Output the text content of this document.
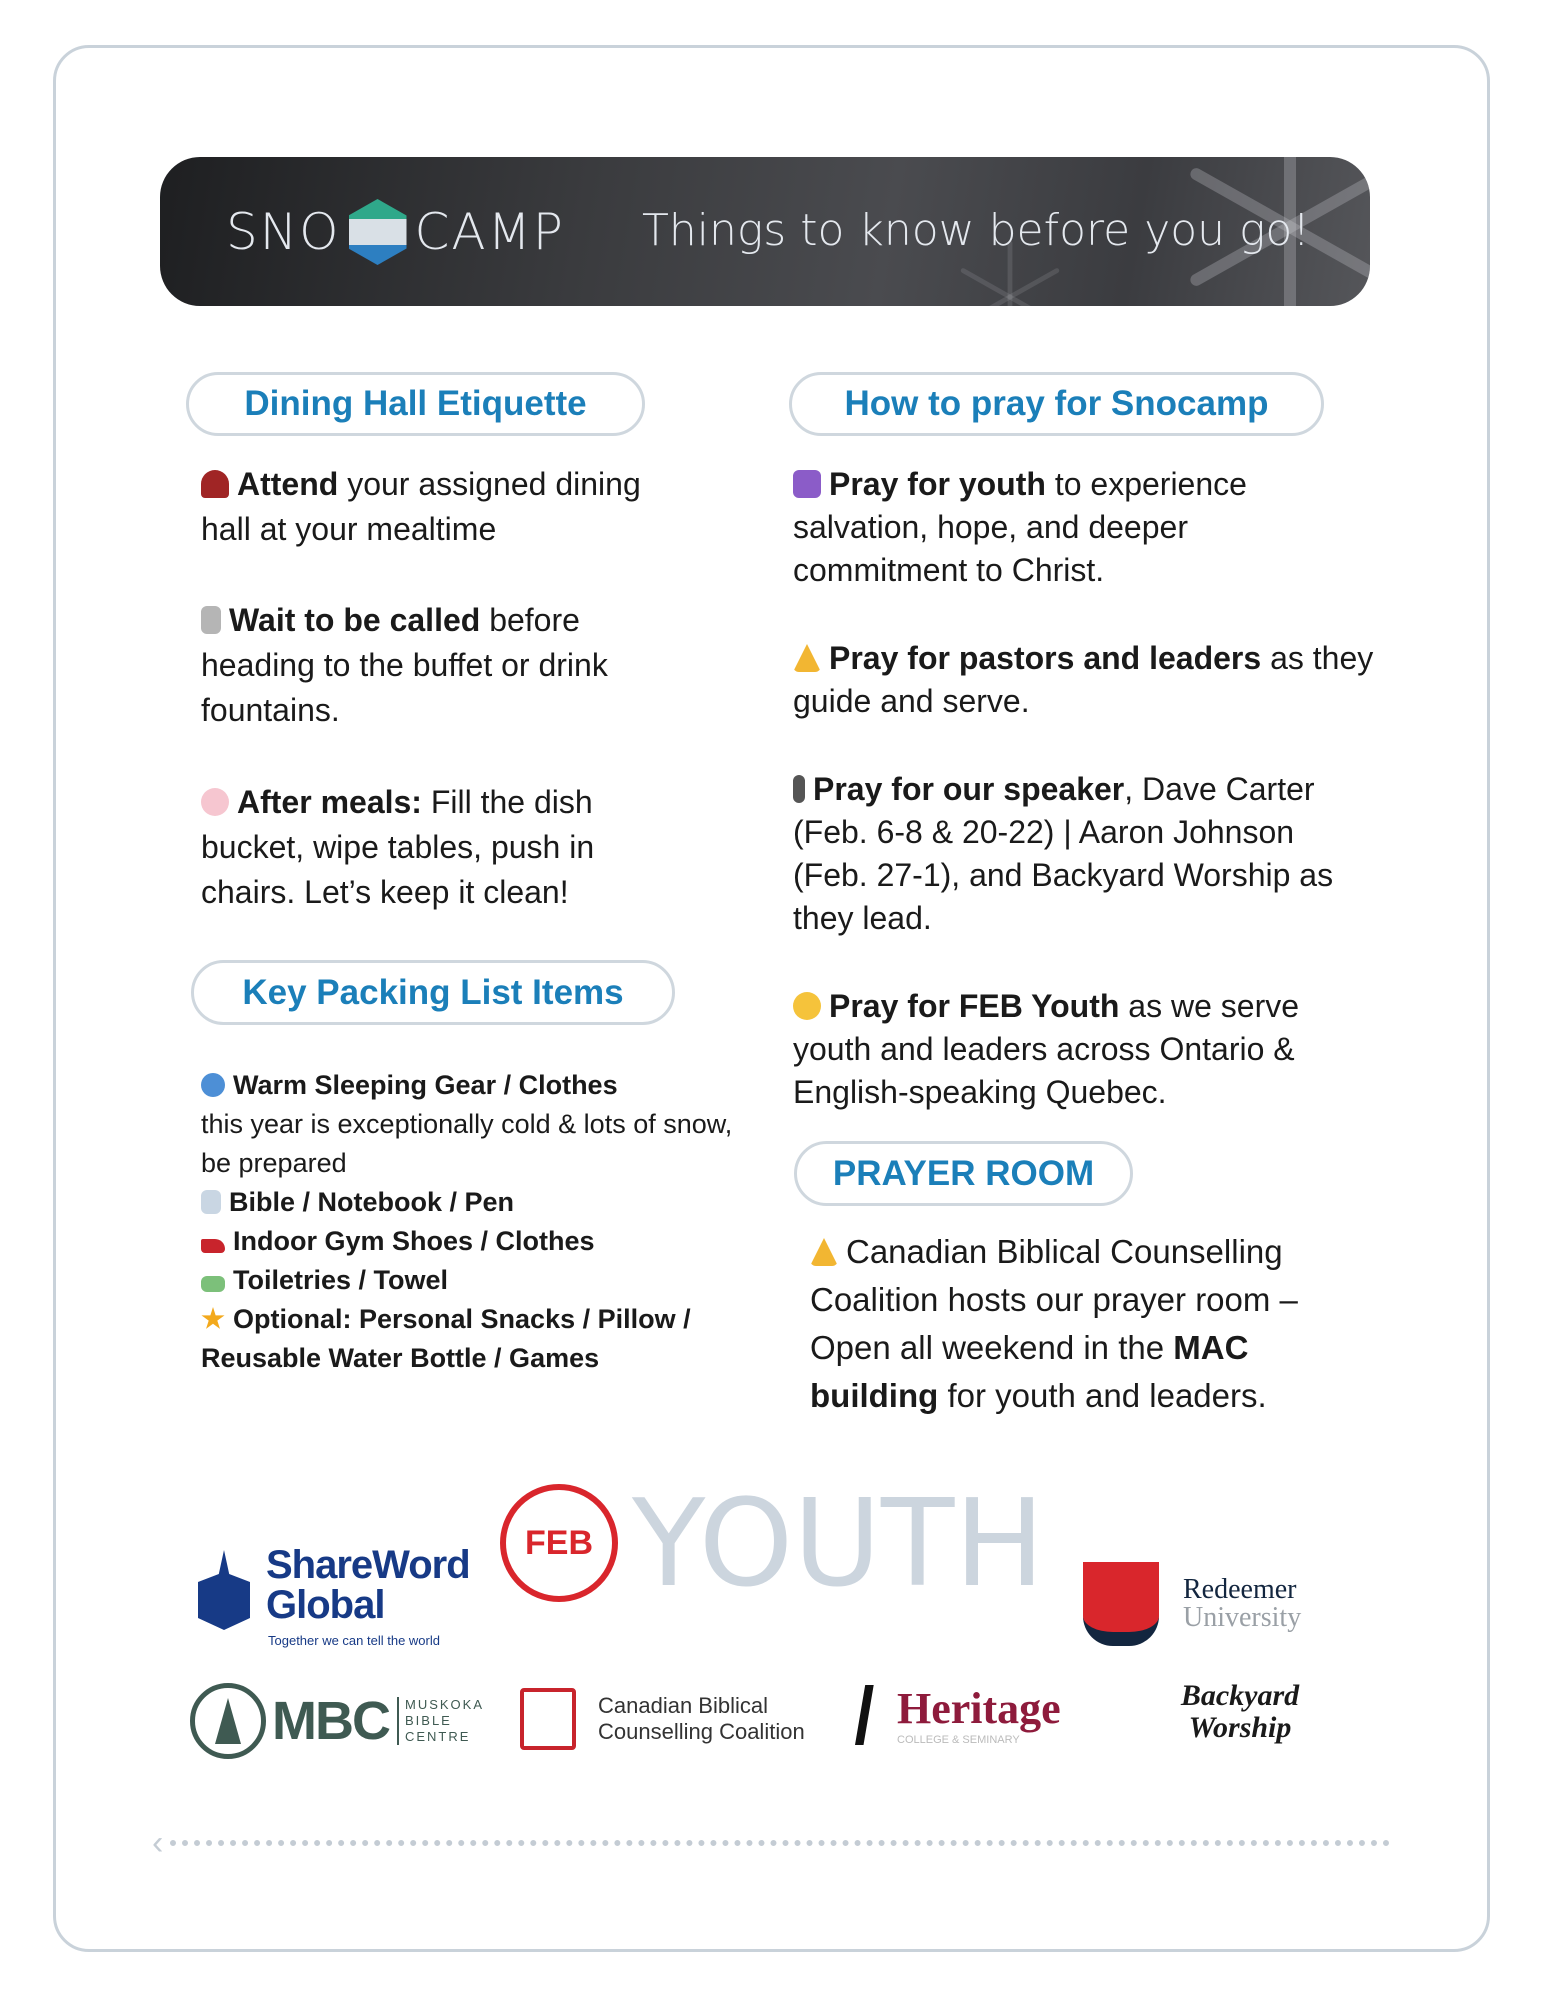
SNO CAMP Things to know before you go!
Dining Hall Etiquette
Attend your assigned dining hall at your mealtime
Wait to be called before heading to the buffet or drink fountains.
After meals: Fill the dish bucket, wipe tables, push in chairs. Let’s keep it clean!
Key Packing List Items
Warm Sleeping Gear / Clothes
this year is exceptionally cold & lots of snow, be prepared
Bible / Notebook / Pen
Indoor Gym Shoes / Clothes
Toiletries / Towel
Optional: Personal Snacks / Pillow / Reusable Water Bottle / Games
How to pray for Snocamp
Pray for youth to experience salvation, hope, and deeper commitment to Christ.
Pray for pastors and leaders as they guide and serve.
Pray for our speaker, Dave Carter (Feb. 6-8 & 20-22) | Aaron Johnson (Feb. 27-1), and Backyard Worship as they lead.
Pray for FEB Youth as we serve youth and leaders across Ontario & English-speaking Quebec.
PRAYER ROOM
Canadian Biblical Counselling Coalition hosts our prayer room – Open all weekend in the MAC building for youth and leaders.
ShareWord
Global
Together we can tell the world
FEB YOUTH	Redeemer
University
MBC MUSKOKA
BIBLE
CENTRE
Canadian Biblical
Counselling Coalition Heritage
COLLEGE & SEMINARY
Backyard
Worship
‹
